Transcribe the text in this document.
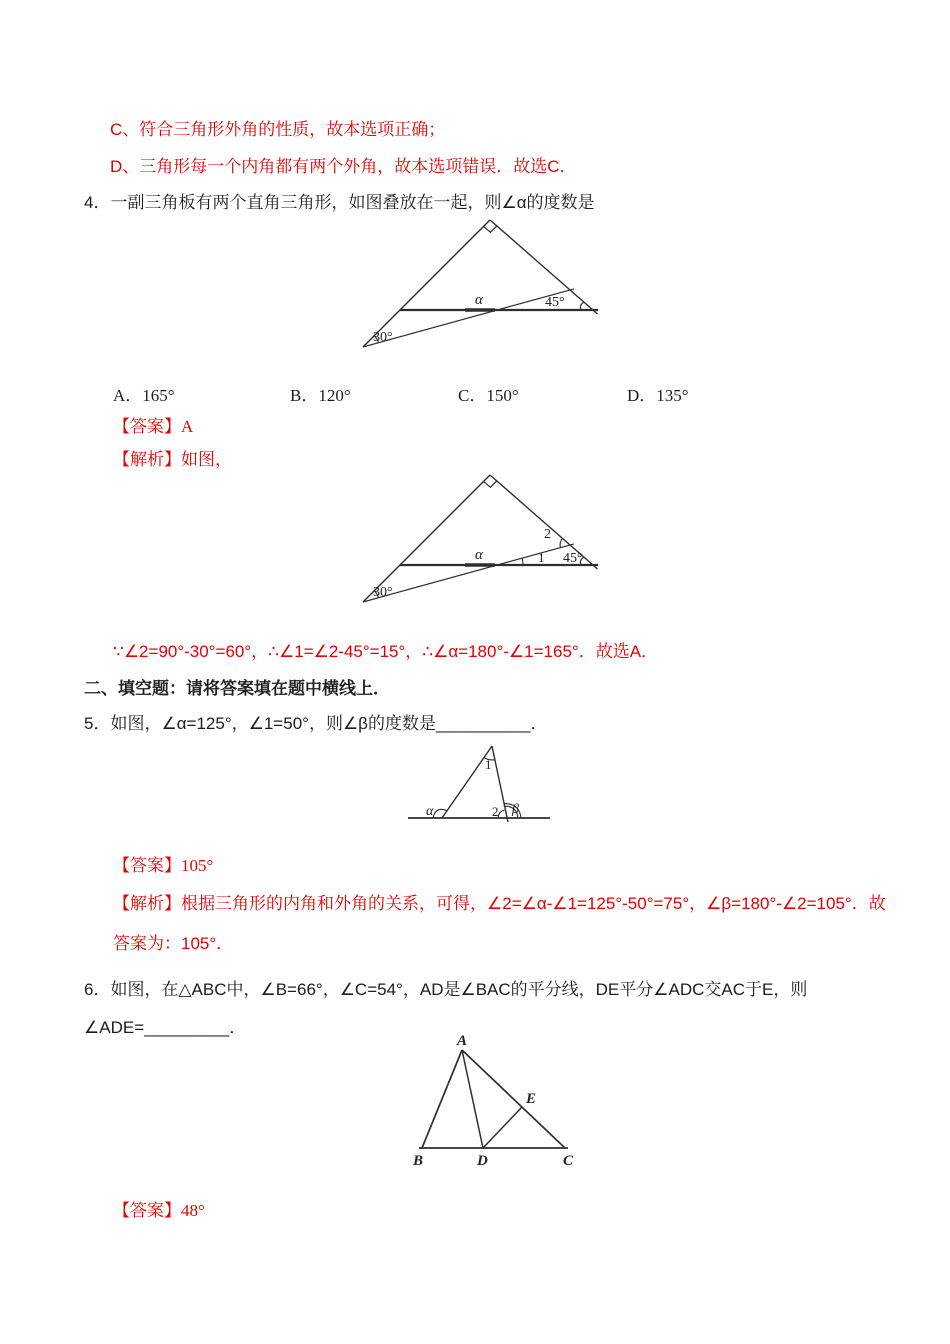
C、符合三角形外角的性质，故本选项正确；
D、三角形每一个内角都有两个外角，故本选项错误．故选C．
4．一副三角板有两个直角三角形，如图叠放在一起，则∠α的度数是
α	45°
30°
A．165°	B．120°	C．150°	D．135°
【答案】A
【解析】如图，
α	45°
30°
2
1
∵∠2=90°-30°=60°，∴∠1=∠2-45°=15°，∴∠α=180°-∠1=165°．故选A．
二、填空题：请将答案填在题中横线上．
5．如图，∠α=125°，∠1=50°，则∠β的度数是__________．
1
α	2 β
【答案】105°
【解析】根据三角形的内角和外角的关系，可得，∠2=∠α-∠1=125°-50°=75°，∠β=180°-∠2=105°．故答案为：105°．
6．如图，在△ABC中，∠B=66°，∠C=54°，AD是∠BAC的平分线，DE平分∠ADC交AC于E，则∠ADE=_________．
A
B	C
D
E
【答案】48°
